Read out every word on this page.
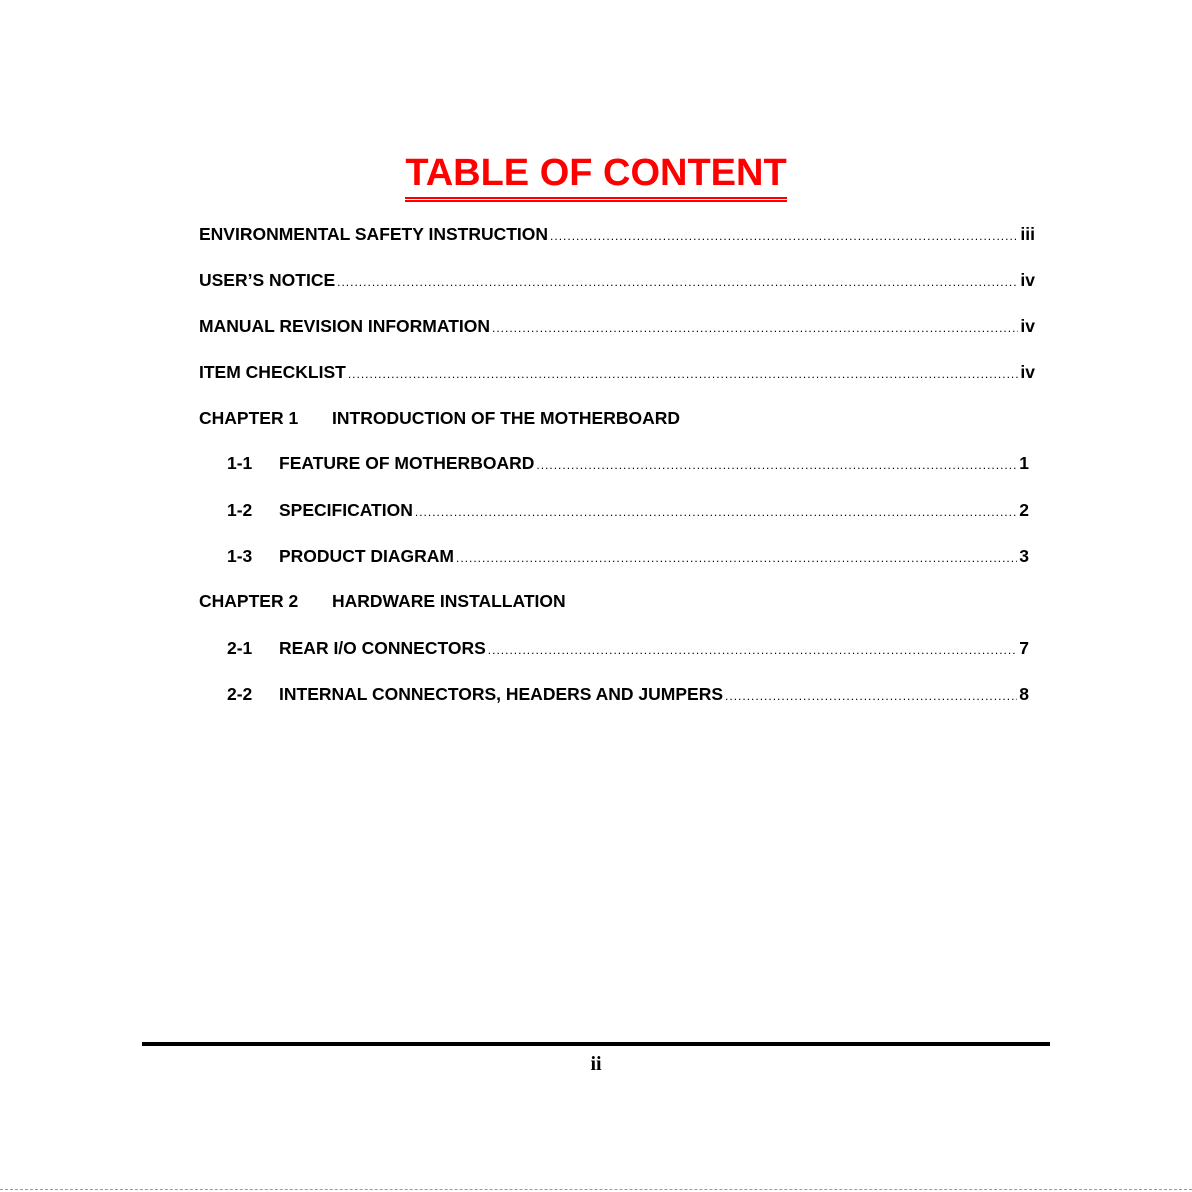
TABLE OF CONTENT
ENVIRONMENTAL SAFETY INSTRUCTION .....	iii
USER’S NOTICE .....	iv
MANUAL REVISION INFORMATION .....	iv
ITEM CHECKLIST .....	iv
CHAPTER 1	INTRODUCTION OF THE MOTHERBOARD
1-1	FEATURE OF MOTHERBOARD .....	1
1-2	SPECIFICATION .....	2
1-3	PRODUCT DIAGRAM .....	3
CHAPTER 2	HARDWARE INSTALLATION
2-1	REAR I/O CONNECTORS .....	7
2-2	INTERNAL CONNECTORS, HEADERS AND JUMPERS .....	8
ii
